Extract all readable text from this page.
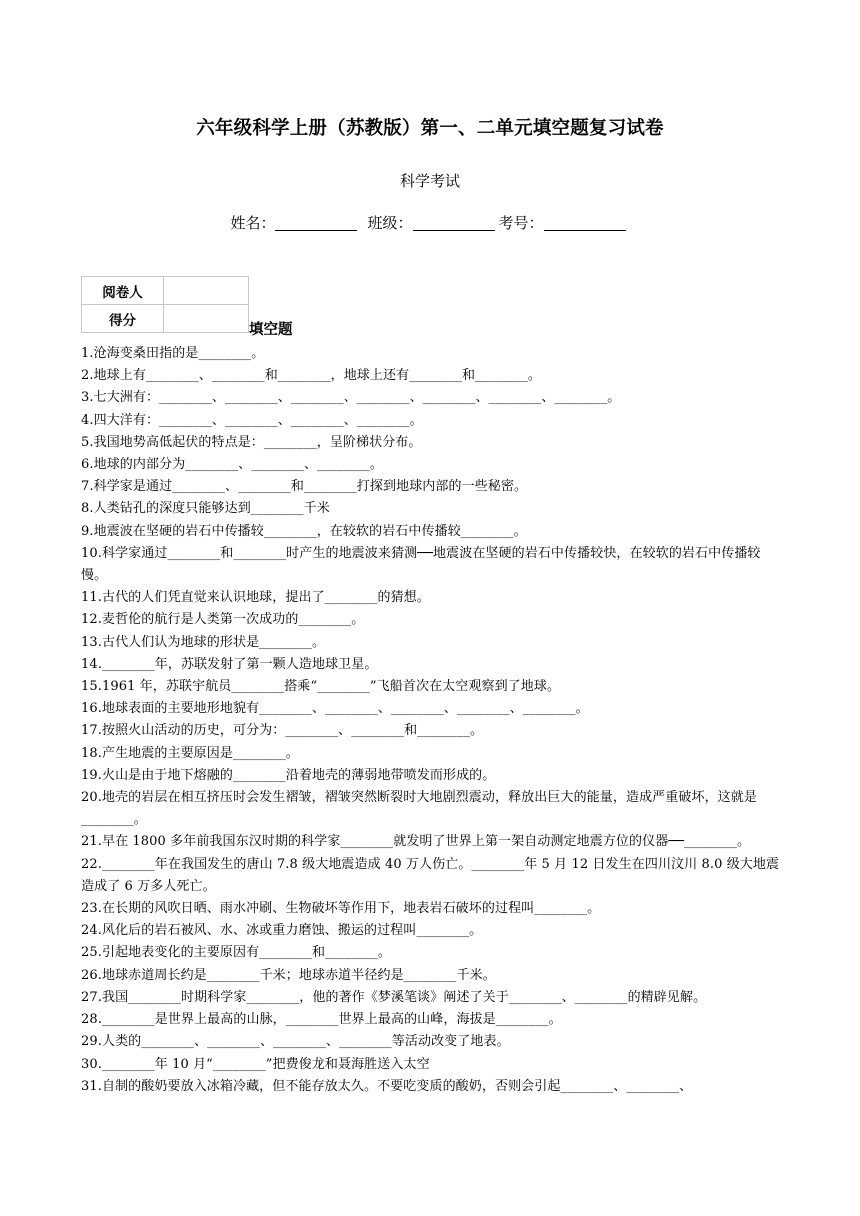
六年级科学上册（苏教版）第一、二单元填空题复习试卷
科学考试
姓名：	班级：	考号：
阅卷人	
得分	
填空题

1.沧海变桑田指的是________。

2.地球上有________、________和________，地球上还有________和________。

3.七大洲有：________、________、________、________、________、________、________。

4.四大洋有：________、________、________、________。

5.我国地势高低起伏的特点是：________，呈阶梯状分布。

6.地球的内部分为________、________、________。

7.科学家是通过________、________和________打探到地球内部的一些秘密。

8.人类钻孔的深度只能够达到________千米

9.地震波在坚硬的岩石中传播较________，在较软的岩石中传播较________。

10.科学家通过________和________时产生的地震波来猜测──地震波在坚硬的岩石中传播较快，在较软的岩石中传播较慢。

11.古代的人们凭直觉来认识地球，提出了________的猜想。

12.麦哲伦的航行是人类第一次成功的________。

13.古代人们认为地球的形状是________。

14.________年，苏联发射了第一颗人造地球卫星。

15.1961 年，苏联宇航员________搭乘“________”飞船首次在太空观察到了地球。

16.地球表面的主要地形地貌有________、________、________、________、________。

17.按照火山活动的历史，可分为：________、________和________。

18.产生地震的主要原因是________。

19.火山是由于地下熔融的________沿着地壳的薄弱地带喷发而形成的。

20.地壳的岩层在相互挤压时会发生褶皱，褶皱突然断裂时大地剧烈震动，释放出巨大的能量，造成严重破坏，这就是________。

21.早在 1800 多年前我国东汉时期的科学家________就发明了世界上第一架自动测定地震方位的仪器──________。

22.________年在我国发生的唐山 7.8 级大地震造成 40 万人伤亡。________年 5 月 12 日发生在四川汶川 8.0 级大地震造成了 6 万多人死亡。

23.在长期的风吹日晒、雨水冲刷、生物破坏等作用下，地表岩石破坏的过程叫________。

24.风化后的岩石被风、水、冰或重力磨蚀、搬运的过程叫________。

25.引起地表变化的主要原因有________和________。

26.地球赤道周长约是________千米；地球赤道半径约是________千米。

27.我国________时期科学家________，他的著作《梦溪笔谈》阐述了关于________、________的精辟见解。

28.________是世界上最高的山脉，________世界上最高的山峰，海拔是________。

29.人类的________、________、________、________等活动改变了地表。

30.________年 10 月“________”把费俊龙和聂海胜送入太空

31.自制的酸奶要放入冰箱冷藏，但不能存放太久。不要吃变质的酸奶，否则会引起________、________、
